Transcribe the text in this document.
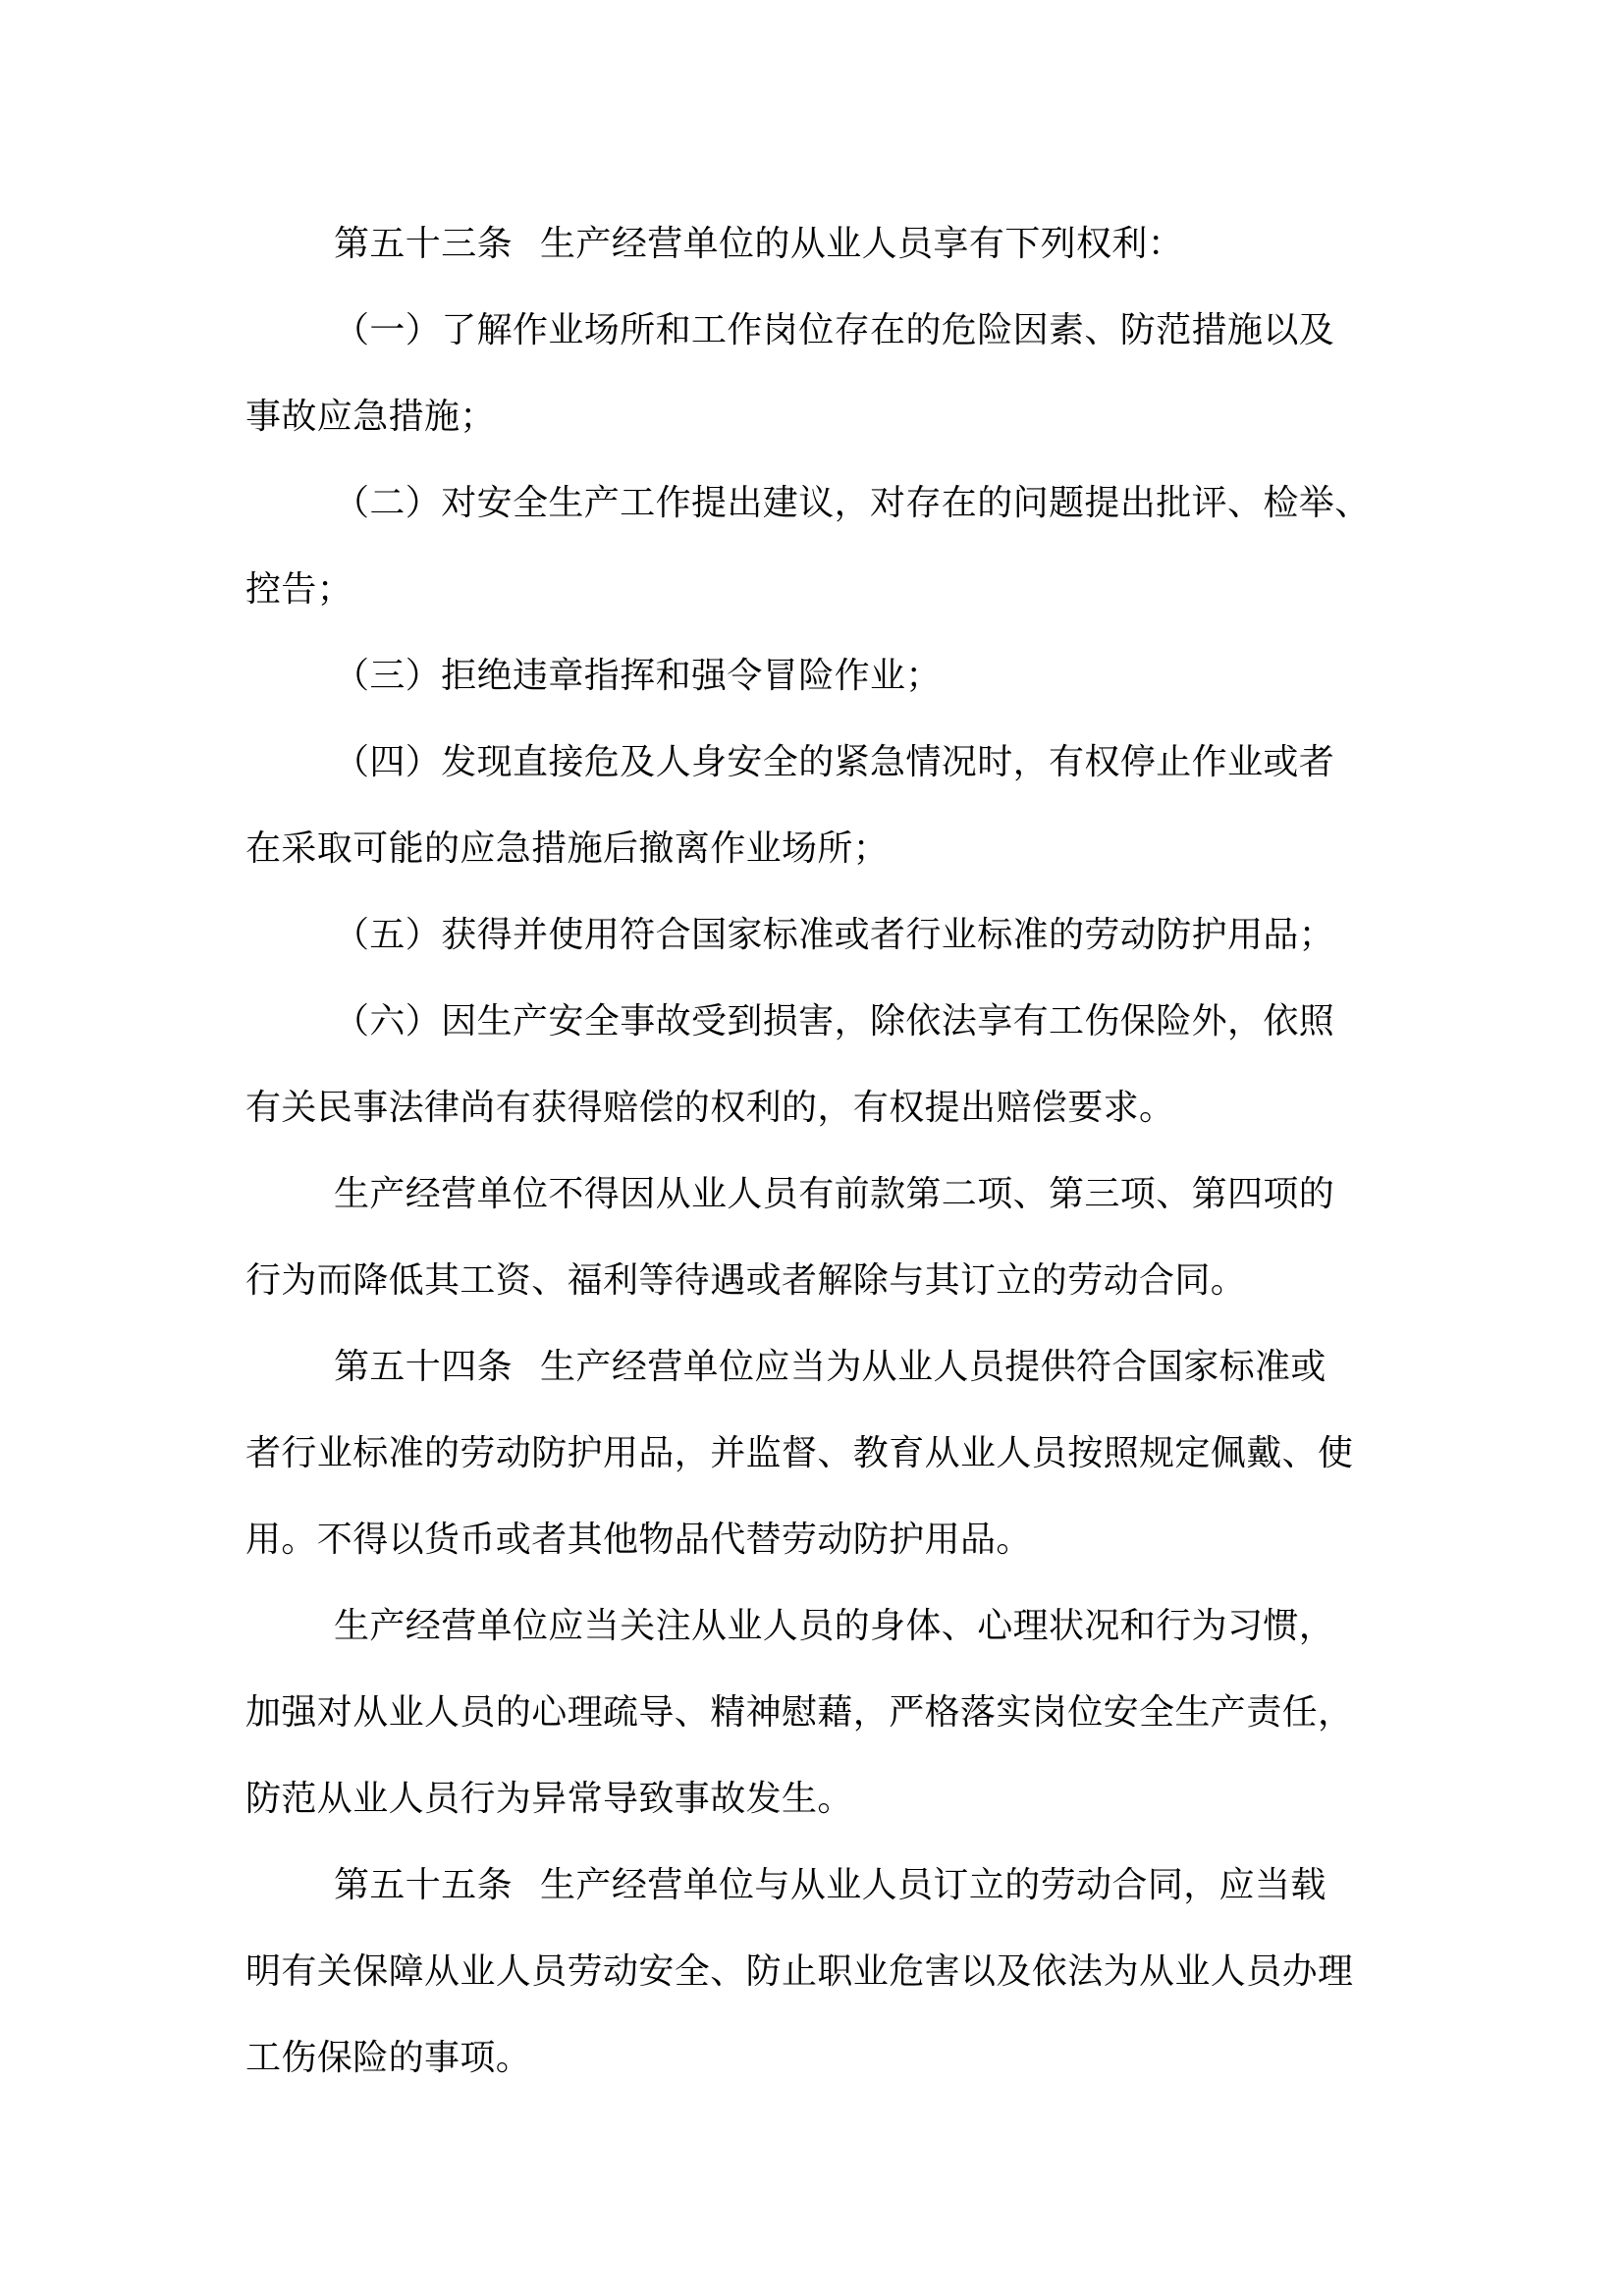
第五十三条 生产经营单位的从业人员享有下列权利：
（一）了解作业场所和工作岗位存在的危险因素、防范措施以及
事故应急措施；
（二）对安全生产工作提出建议，对存在的问题提出批评、检举、
控告；
（三）拒绝违章指挥和强令冒险作业；
（四）发现直接危及人身安全的紧急情况时，有权停止作业或者
在采取可能的应急措施后撤离作业场所；
（五）获得并使用符合国家标准或者行业标准的劳动防护用品；
（六）因生产安全事故受到损害，除依法享有工伤保险外，依照
有关民事法律尚有获得赔偿的权利的，有权提出赔偿要求。
生产经营单位不得因从业人员有前款第二项、第三项、第四项的
行为而降低其工资、福利等待遇或者解除与其订立的劳动合同。
第五十四条 生产经营单位应当为从业人员提供符合国家标准或
者行业标准的劳动防护用品，并监督、教育从业人员按照规定佩戴、使
用。不得以货币或者其他物品代替劳动防护用品。
生产经营单位应当关注从业人员的身体、心理状况和行为习惯，
加强对从业人员的心理疏导、精神慰藉，严格落实岗位安全生产责任，
防范从业人员行为异常导致事故发生。
第五十五条 生产经营单位与从业人员订立的劳动合同，应当载
明有关保障从业人员劳动安全、防止职业危害以及依法为从业人员办理
工伤保险的事项。
